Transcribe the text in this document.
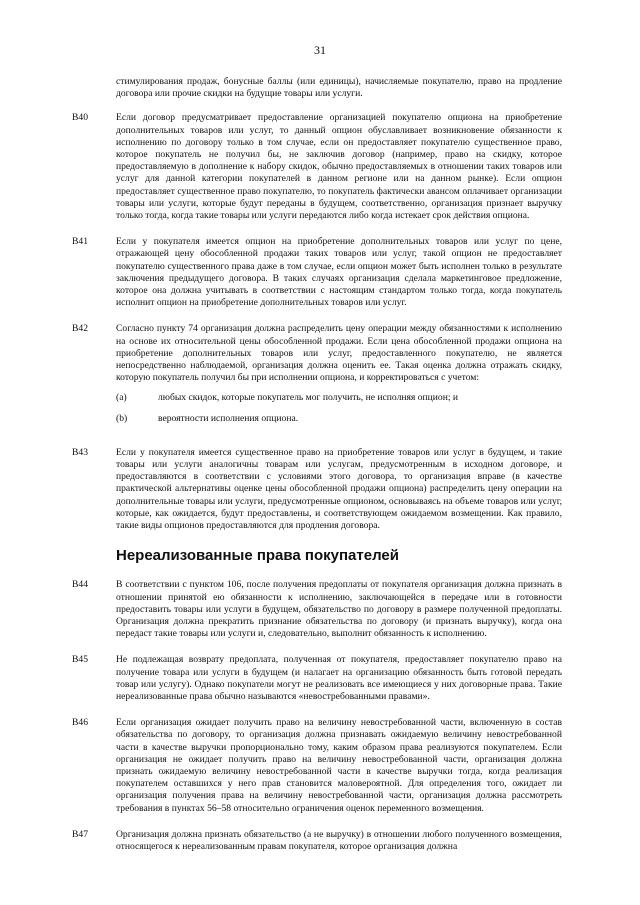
31
стимулирования продаж, бонусные баллы (или единицы), начисляемые покупателю, право на продление договора или прочие скидки на будущие товары или услуги.
B40	Если договор предусматривает предоставление организацией покупателю опциона на приобретение дополнительных товаров или услуг, то данный опцион обуславливает возникновение обязанности к исполнению по договору только в том случае, если он предоставляет покупателю существенное право, которое покупатель не получил бы, не заключив договор (например, право на скидку, которое предоставляемую в дополнение к набору скидок, обычно предоставляемых в отношении таких товаров или услуг для данной категории покупателей в данном регионе или на данном рынке). Если опцион предоставляет существенное право покупателю, то покупатель фактически авансом оплачивает организации товары или услуги, которые будут переданы в будущем, соответственно, организация признает выручку только тогда, когда такие товары или услуги передаются либо когда истекает срок действия опциона.
B41	Если у покупателя имеется опцион на приобретение дополнительных товаров или услуг по цене, отражающей цену обособленной продажи таких товаров или услуг, такой опцион не предоставляет покупателю существенного права даже в том случае, если опцион может быть исполнен только в результате заключения предыдущего договора. В таких случаях организация сделала маркетинговое предложение, которое она должна учитывать в соответствии с настоящим стандартом только тогда, когда покупатель исполнит опцион на приобретение дополнительных товаров или услуг.
B42	Согласно пункту 74 организация должна распределить цену операции между обязанностями к исполнению на основе их относительной цены обособленной продажи. Если цена обособленной продажи опциона на приобретение дополнительных товаров или услуг, предоставленного покупателю, не является непосредственно наблюдаемой, организация должна оценить ее. Такая оценка должна отражать скидку, которую покупатель получил бы при исполнении опциона, и корректироваться с учетом:
(a)	любых скидок, которые покупатель мог получить, не исполняя опцион; и
(b)	вероятности исполнения опциона.
B43	Если у покупателя имеется существенное право на приобретение товаров или услуг в будущем, и такие товары или услуги аналогичны товарам или услугам, предусмотренным в исходном договоре, и предоставляются в соответствии с условиями этого договора, то организация вправе (в качестве практической альтернативы оценке цены обособленной продажи опциона) распределить цену операции на дополнительные товары или услуги, предусмотренные опционом, основываясь на объеме товаров или услуг, которые, как ожидается, будут предоставлены, и соответствующем ожидаемом возмещении. Как правило, такие виды опционов предоставляются для продления договора.
Нереализованные права покупателей
B44	В соответствии с пунктом 106, после получения предоплаты от покупателя организация должна признать в отношении принятой ею обязанности к исполнению, заключающейся в передаче или в готовности предоставить товары или услуги в будущем, обязательство по договору в размере полученной предоплаты. Организация должна прекратить признание обязательства по договору (и признать выручку), когда она передаст такие товары или услуги и, следовательно, выполнит обязанность к исполнению.
B45	Не подлежащая возврату предоплата, полученная от покупателя, предоставляет покупателю право на получение товара или услуги в будущем (и налагает на организацию обязанность быть готовой передать товар или услугу). Однако покупатели могут не реализовать все имеющиеся у них договорные права. Такие нереализованные права обычно называются «невостребованными правами».
B46	Если организация ожидает получить право на величину невостребованной части, включенную в состав обязательства по договору, то организация должна признавать ожидаемую величину невостребованной части в качестве выручки пропорционально тому, каким образом права реализуются покупателем. Если организация не ожидает получить право на величину невостребованной части, организация должна признать ожидаемую величину невостребованной части в качестве выручки тогда, когда реализация покупателем оставшихся у него прав становится маловероятной. Для определения того, ожидает ли организация получения права на величину невостребованной части, организация должна рассмотреть требования в пунктах 56–58 относительно ограничения оценок переменного возмещения.
B47	Организация должна признать обязательство (а не выручку) в отношении любого полученного возмещения, относящегося к нереализованным правам покупателя, которое организация должна
